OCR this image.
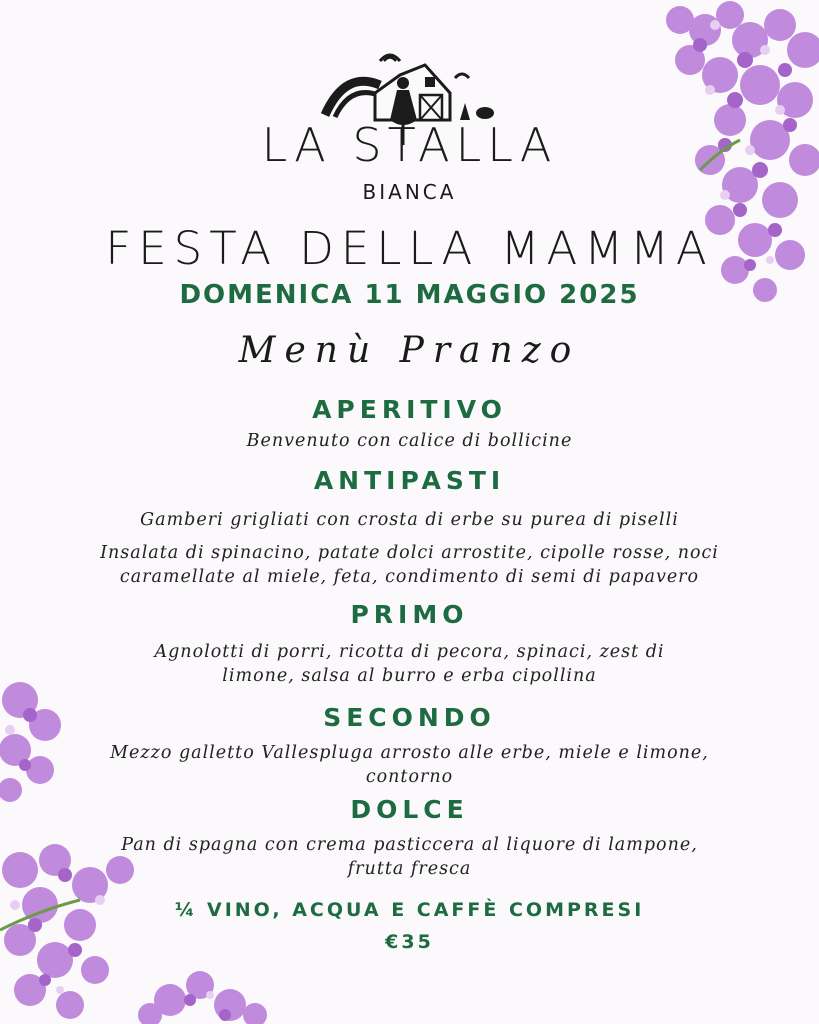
LA STALLA
BIANCA
FESTA DELLA MAMMA
DOMENICA 11 MAGGIO 2025
Menù Pranzo
APERITIVO
Benvenuto con calice di bollicine
ANTIPASTI
Gamberi grigliati con crosta di erbe su purea di piselli
Insalata di spinacino, patate dolci arrostite, cipolle rosse, noci
caramellate al miele, feta, condimento di semi di papavero
PRIMO
Agnolotti di porri, ricotta di pecora, spinaci, zest di
limone, salsa al burro e erba cipollina
SECONDO
Mezzo galletto Vallespluga arrosto alle erbe, miele e limone,
contorno
DOLCE
Pan di spagna con crema pasticcera al liquore di lampone,
frutta fresca
¼ VINO, ACQUA E CAFFÈ COMPRESI
€35
